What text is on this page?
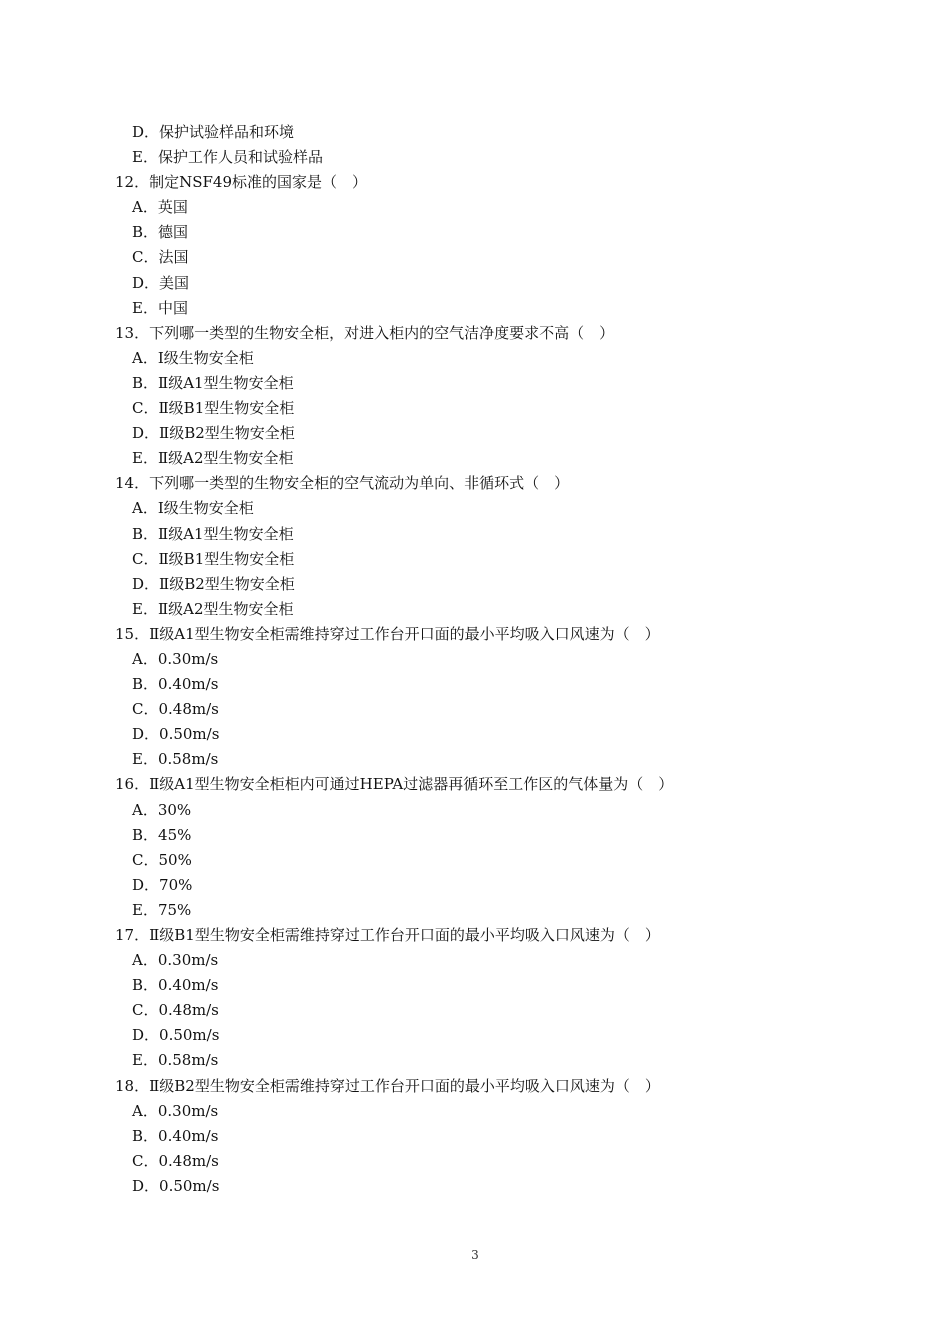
D．保护试验样品和环境
E．保护工作人员和试验样品
12．制定NSF49标准的国家是（　）
A．英国
B．德国
C．法国
D．美国
E．中国
13．下列哪一类型的生物安全柜，对进入柜内的空气洁净度要求不高（　）
A．Ⅰ级生物安全柜
B．Ⅱ级A1型生物安全柜
C．Ⅱ级B1型生物安全柜
D．Ⅱ级B2型生物安全柜
E．Ⅱ级A2型生物安全柜
14．下列哪一类型的生物安全柜的空气流动为单向、非循环式（　）
A．Ⅰ级生物安全柜
B．Ⅱ级A1型生物安全柜
C．Ⅱ级B1型生物安全柜
D．Ⅱ级B2型生物安全柜
E．Ⅱ级A2型生物安全柜
15．Ⅱ级A1型生物安全柜需维持穿过工作台开口面的最小平均吸入口风速为（　）
A．0.30m/s
B．0.40m/s
C．0.48m/s
D．0.50m/s
E．0.58m/s
16．Ⅱ级A1型生物安全柜柜内可通过HEPA过滤器再循环至工作区的气体量为（　）
A．30%
B．45%
C．50%
D．70%
E．75%
17．Ⅱ级B1型生物安全柜需维持穿过工作台开口面的最小平均吸入口风速为（　）
A．0.30m/s
B．0.40m/s
C．0.48m/s
D．0.50m/s
E．0.58m/s
18．Ⅱ级B2型生物安全柜需维持穿过工作台开口面的最小平均吸入口风速为（　）
A．0.30m/s
B．0.40m/s
C．0.48m/s
D．0.50m/s
3
